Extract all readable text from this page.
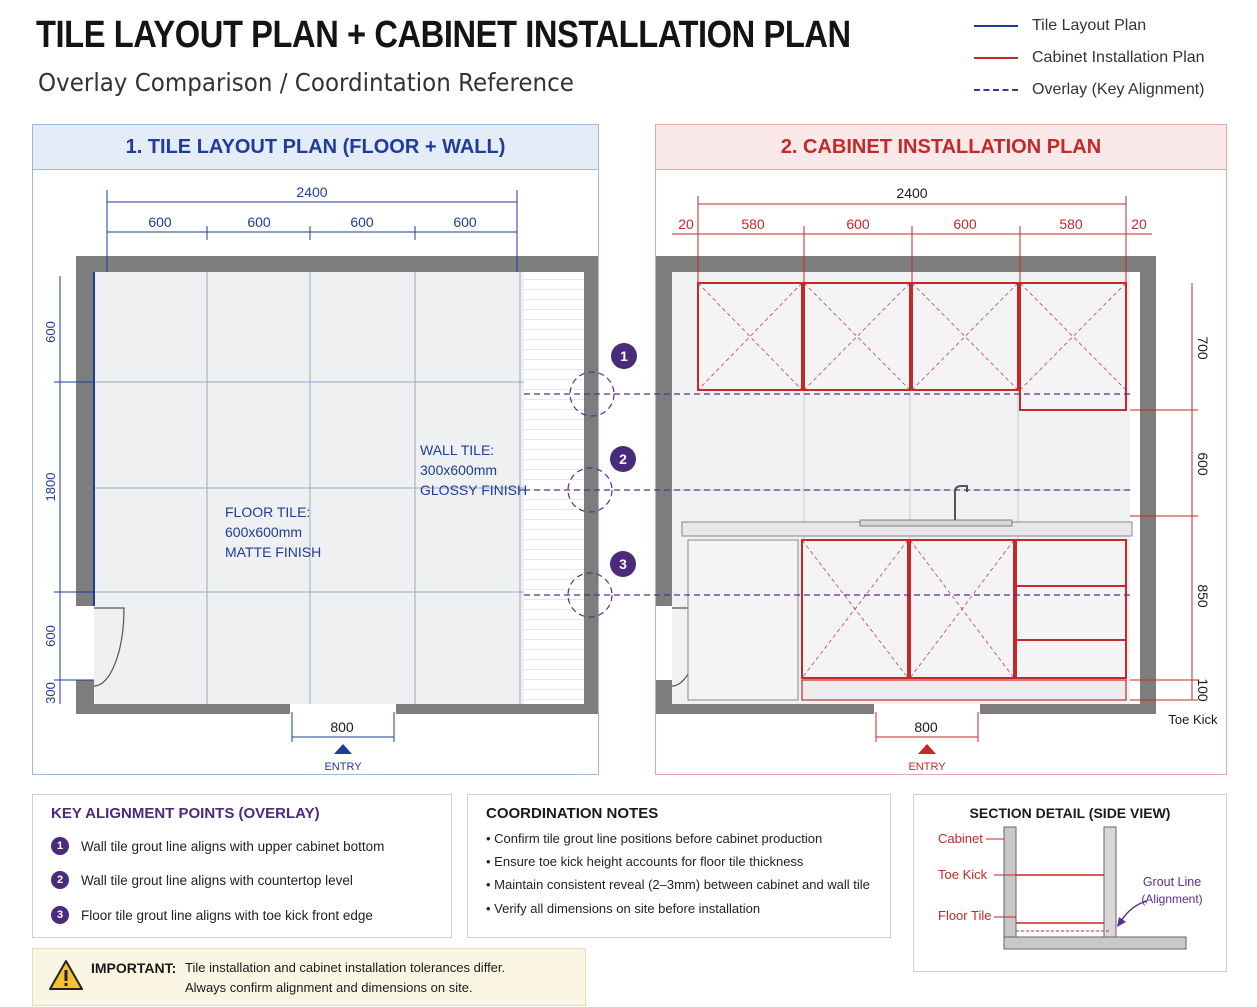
TILE LAYOUT PLAN + CABINET INSTALLATION PLAN
Overlay Comparison / Coordintation Reference
Tile Layout Plan
Cabinet Installation Plan
Overlay (Key Alignment)
1. TILE LAYOUT PLAN (FLOOR + WALL)	2. CABINET INSTALLATION PLAN
2400
600	600	600	600
600
1800
600
300
WALL TILE:
300x600mm
GLOSSY FINISH
FLOOR TILE:
600x600mm
MATTE FINISH
800
ENTRY
2400
20	580	600	600	580	20
700
600
850
100
Toe Kick
800
ENTRY
1
2
3
KEY ALIGNMENT POINTS (OVERLAY)
1	Wall tile grout line aligns with upper cabinet bottom
2	Wall tile grout line aligns with countertop level
3	Floor tile grout line aligns with toe kick front edge
COORDINATION NOTES
• Confirm tile grout line positions before cabinet production
• Ensure toe kick height accounts for floor tile thickness
• Maintain consistent reveal (2–3mm) between cabinet and wall tile
• Verify all dimensions on site before installation
SECTION DETAIL (SIDE VIEW)
Cabinet
Toe Kick
Floor Tile
Grout Line
(Alignment)
IMPORTANT: Tile installation and cabinet installation tolerances differ.
Always confirm alignment and dimensions on site.
